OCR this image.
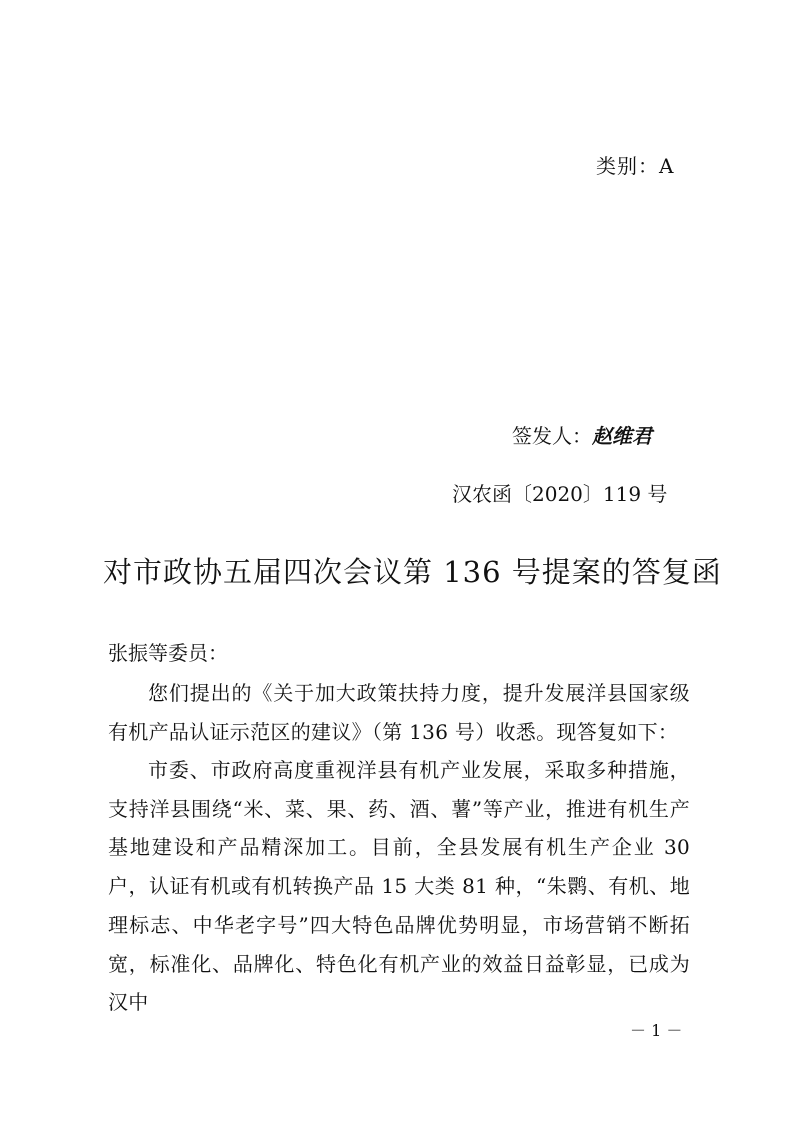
类别：A
签发人：赵维君
汉农函〔2020〕119 号
对市政协五届四次会议第 136 号提案的答复函
张振等委员：

您们提出的《关于加大政策扶持力度，提升发展洋县国家级有机产品认证示范区的建议》（第 136 号）收悉。现答复如下：

市委、市政府高度重视洋县有机产业发展，采取多种措施，支持洋县围绕“米、菜、果、药、酒、薯”等产业，推进有机生产基地建设和产品精深加工。目前，全县发展有机生产企业 30 户，认证有机或有机转换产品 15 大类 81 种，“朱鹮、有机、地理标志、中华老字号”四大特色品牌优势明显，市场营销不断拓宽，标准化、品牌化、特色化有机产业的效益日益彰显，已成为汉中

－ 1 －
